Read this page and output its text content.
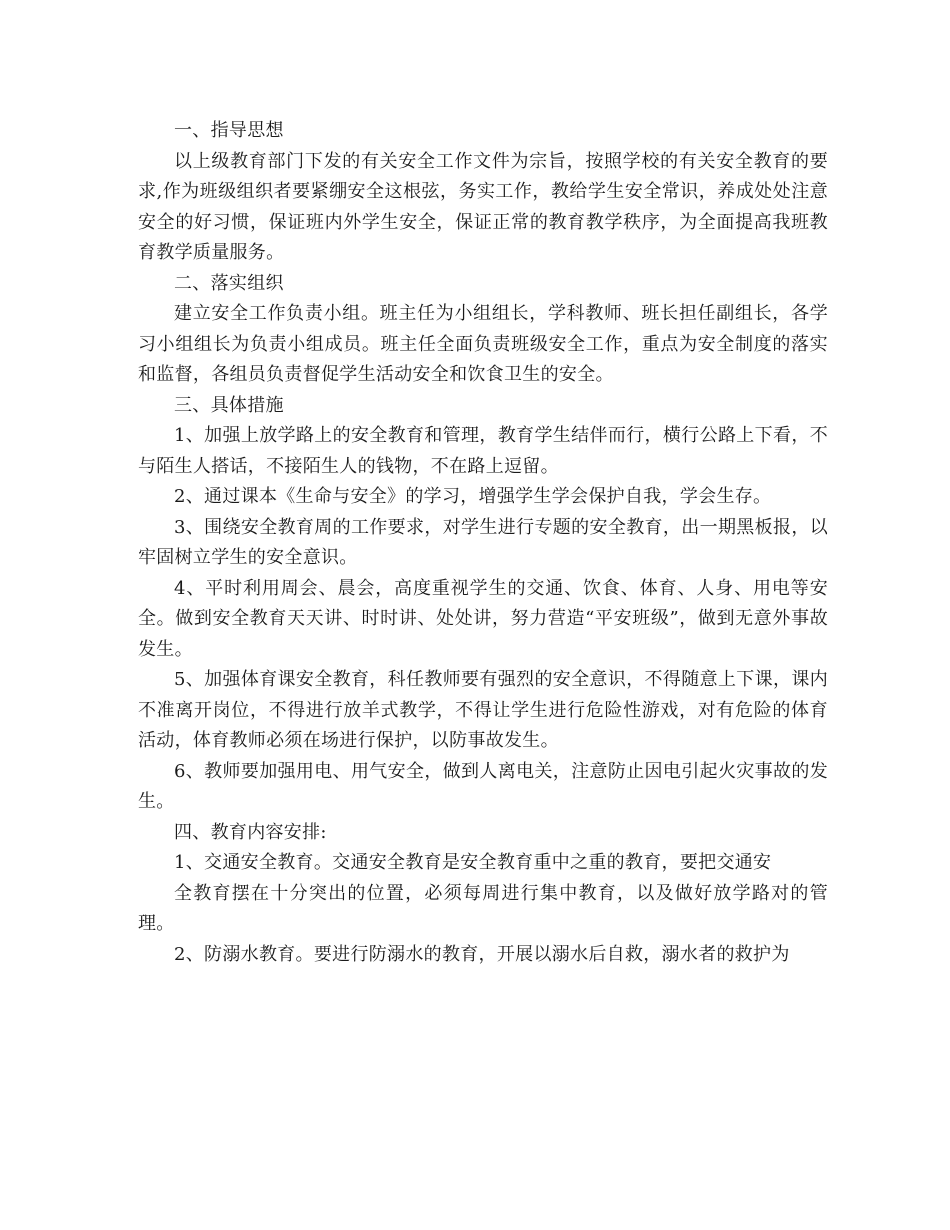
一、指导思想

以上级教育部门下发的有关安全工作文件为宗旨，按照学校的有关安全教育的要求,作为班级组织者要紧绷安全这根弦，务实工作，教给学生安全常识，养成处处注意安全的好习惯，保证班内外学生安全，保证正常的教育教学秩序，为全面提高我班教育教学质量服务。

二、落实组织

建立安全工作负责小组。班主任为小组组长，学科教师、班长担任副组长，各学习小组组长为负责小组成员。班主任全面负责班级安全工作，重点为安全制度的落实和监督，各组员负责督促学生活动安全和饮食卫生的安全。

三、具体措施

1、加强上放学路上的安全教育和管理，教育学生结伴而行，横行公路上下看，不与陌生人搭话，不接陌生人的钱物，不在路上逗留。

2、通过课本《生命与安全》的学习，增强学生学会保护自我，学会生存。

3、围绕安全教育周的工作要求，对学生进行专题的安全教育，出一期黑板报，以牢固树立学生的安全意识。

4、平时利用周会、晨会，高度重视学生的交通、饮食、体育、人身、用电等安全。做到安全教育天天讲、时时讲、处处讲，努力营造“平安班级”，做到无意外事故发生。

5、加强体育课安全教育，科任教师要有强烈的安全意识，不得随意上下课，课内不准离开岗位，不得进行放羊式教学，不得让学生进行危险性游戏，对有危险的体育活动，体育教师必须在场进行保护，以防事故发生。

6、教师要加强用电、用气安全，做到人离电关，注意防止因电引起火灾事故的发生。

四、教育内容安排:

1、交通安全教育。交通安全教育是安全教育重中之重的教育，要把交通安

全教育摆在十分突出的位置，必须每周进行集中教育，以及做好放学路对的管理。

2、防溺水教育。要进行防溺水的教育，开展以溺水后自救，溺水者的救护为
